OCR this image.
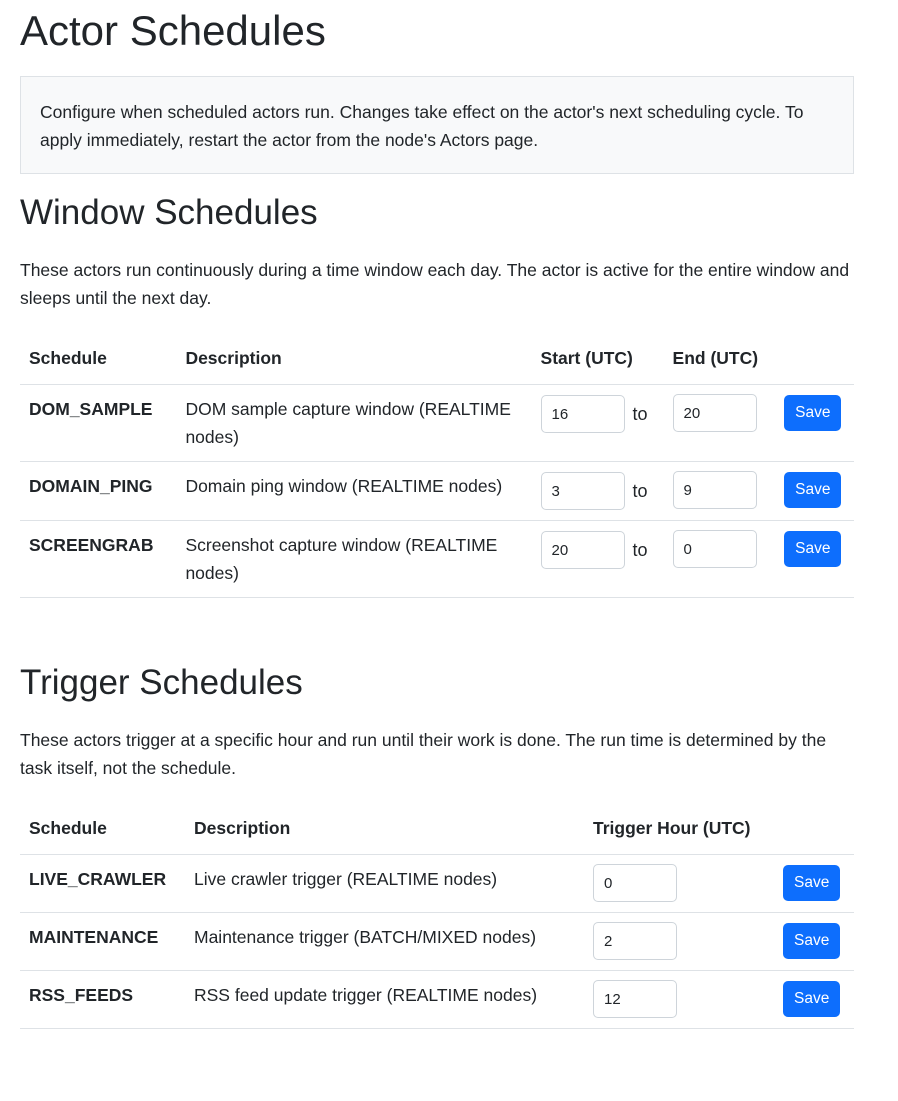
Actor Schedules
Configure when scheduled actors run. Changes take effect on the actor's next scheduling cycle. To apply immediately, restart the actor from the node's Actors page.
Window Schedules

These actors run continuously during a time window each day. The actor is active for the entire window and sleeps until the next day.

Schedule	Description	Start (UTC)	End (UTC)	
DOM_SAMPLE	DOM sample capture window (REALTIME nodes)	16to	20	Save
DOMAIN_PING	Domain ping window (REALTIME nodes)	3to	9	Save
SCREENGRAB	Screenshot capture window (REALTIME nodes)	20to	0	Save
Trigger Schedules

These actors trigger at a specific hour and run until their work is done. The run time is determined by the task itself, not the schedule.

Schedule	Description	Trigger Hour (UTC)	
LIVE_CRAWLER	Live crawler trigger (REALTIME nodes)	0	Save
MAINTENANCE	Maintenance trigger (BATCH/MIXED nodes)	2	Save
RSS_FEEDS	RSS feed update trigger (REALTIME nodes)	12	Save
